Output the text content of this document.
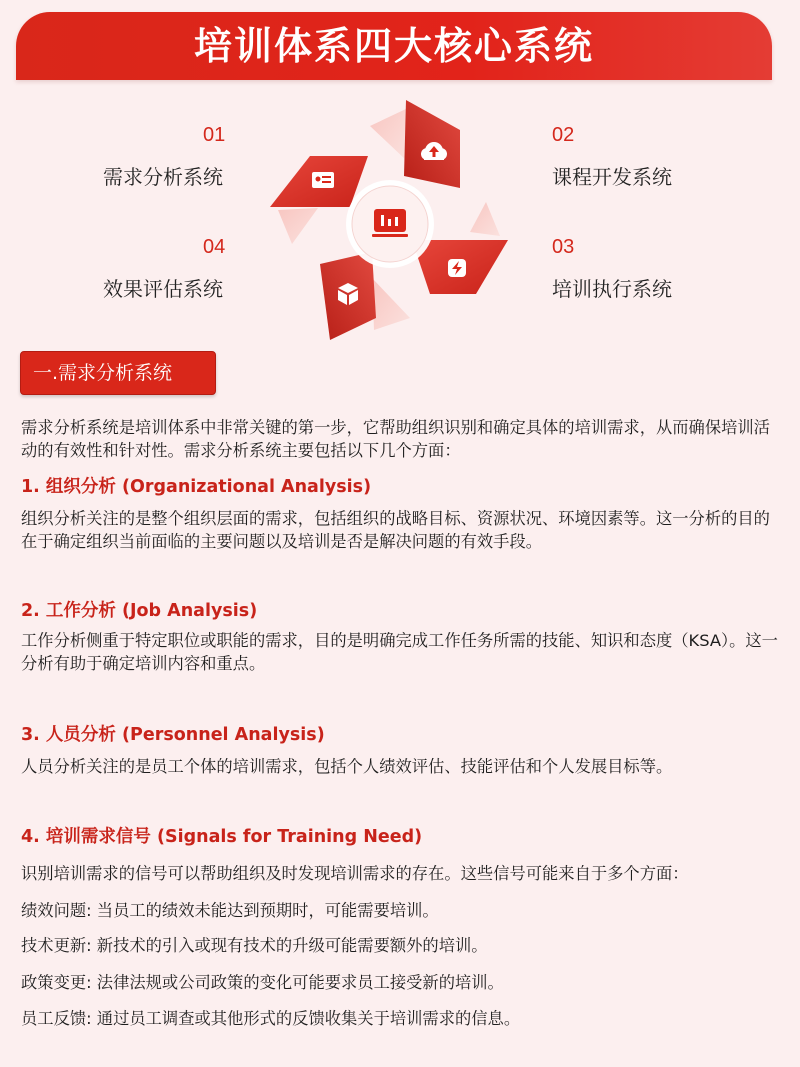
培训体系四大核心系统
01
需求分析系统
02
课程开发系统
04
效果评估系统
03
培训执行系统
一.需求分析系统
需求分析系统是培训体系中非常关键的第一步，它帮助组织识别和确定具体的培训需求，从而确保培训活动的有效性和针对性。需求分析系统主要包括以下几个方面：
1. 组织分析 (Organizational Analysis)
组织分析关注的是整个组织层面的需求，包括组织的战略目标、资源状况、环境因素等。这一分析的目的在于确定组织当前面临的主要问题以及培训是否是解决问题的有效手段。
2. 工作分析 (Job Analysis)
工作分析侧重于特定职位或职能的需求，目的是明确完成工作任务所需的技能、知识和态度（KSA）。这一分析有助于确定培训内容和重点。
3. 人员分析 (Personnel Analysis)
人员分析关注的是员工个体的培训需求，包括个人绩效评估、技能评估和个人发展目标等。
4. 培训需求信号 (Signals for Training Need)
识别培训需求的信号可以帮助组织及时发现培训需求的存在。这些信号可能来自于多个方面：
绩效问题: 当员工的绩效未能达到预期时，可能需要培训。
技术更新: 新技术的引入或现有技术的升级可能需要额外的培训。
政策变更: 法律法规或公司政策的变化可能要求员工接受新的培训。
员工反馈: 通过员工调查或其他形式的反馈收集关于培训需求的信息。
